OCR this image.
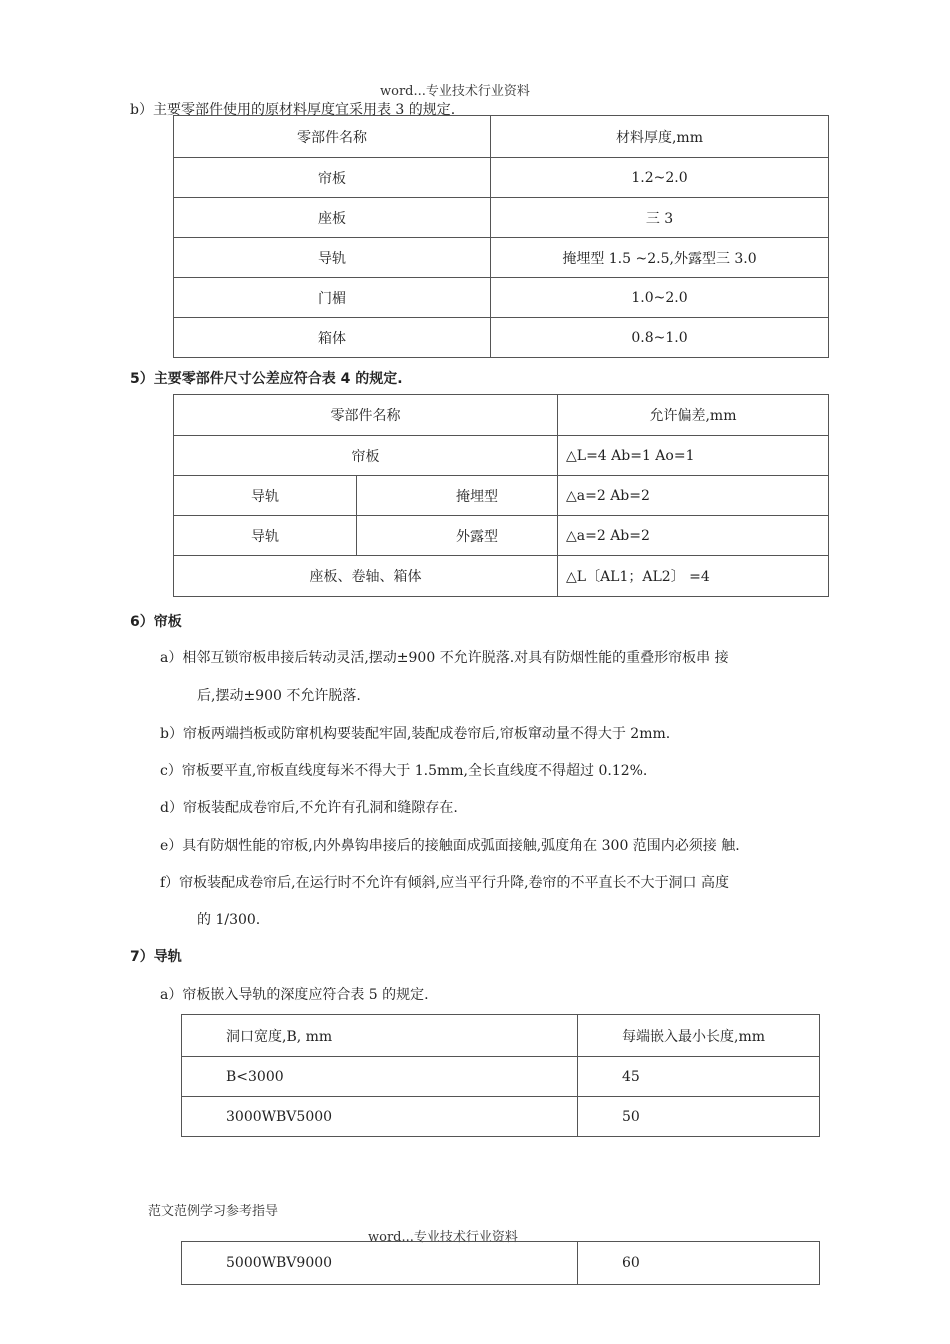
word...专业技术行业资料
b）主要零部件使用的原材料厚度宜采用表 3 的规定.
零部件名称	材料厚度,mm
帘板	1.2~2.0
座板	三 3
导轨	掩埋型 1.5 ~2.5,外露型三 3.0
门楣	1.0~2.0
箱体	0.8~1.0
5）主要零部件尺寸公差应符合表 4 的规定.
零部件名称		允许偏差,mm
帘板		△L=4 Ab=1 Ao=1
导轨	掩埋型	△a=2 Ab=2
导轨	外露型	△a=2 Ab=2
座板、卷轴、箱体		△L〔AL1；AL2〕 =4
6）帘板
a）相邻互锁帘板串接后转动灵活,摆动±900 不允许脱落.对具有防烟性能的重叠形帘板串 接
后,摆动±900 不允许脱落.
b）帘板两端挡板或防窜机构要装配牢固,装配成卷帘后,帘板窜动量不得大于 2mm.
c）帘板要平直,帘板直线度每米不得大于 1.5mm,全长直线度不得超过 0.12%.
d）帘板装配成卷帘后,不允许有孔洞和缝隙存在.
e）具有防烟性能的帘板,内外鼻钩串接后的接触面成弧面接触,弧度角在 300 范围内必须接 触.
f）帘板装配成卷帘后,在运行时不允许有倾斜,应当平行升降,卷帘的不平直长不大于洞口 高度
的 1/300.
7）导轨
a）帘板嵌入导轨的深度应符合表 5 的规定.
洞口宽度,B, mm	每端嵌入最小长度,mm
B<3000	45
3000WBV5000	50
范文范例学习参考指导
word...专业技术行业资料
5000WBV9000	60
